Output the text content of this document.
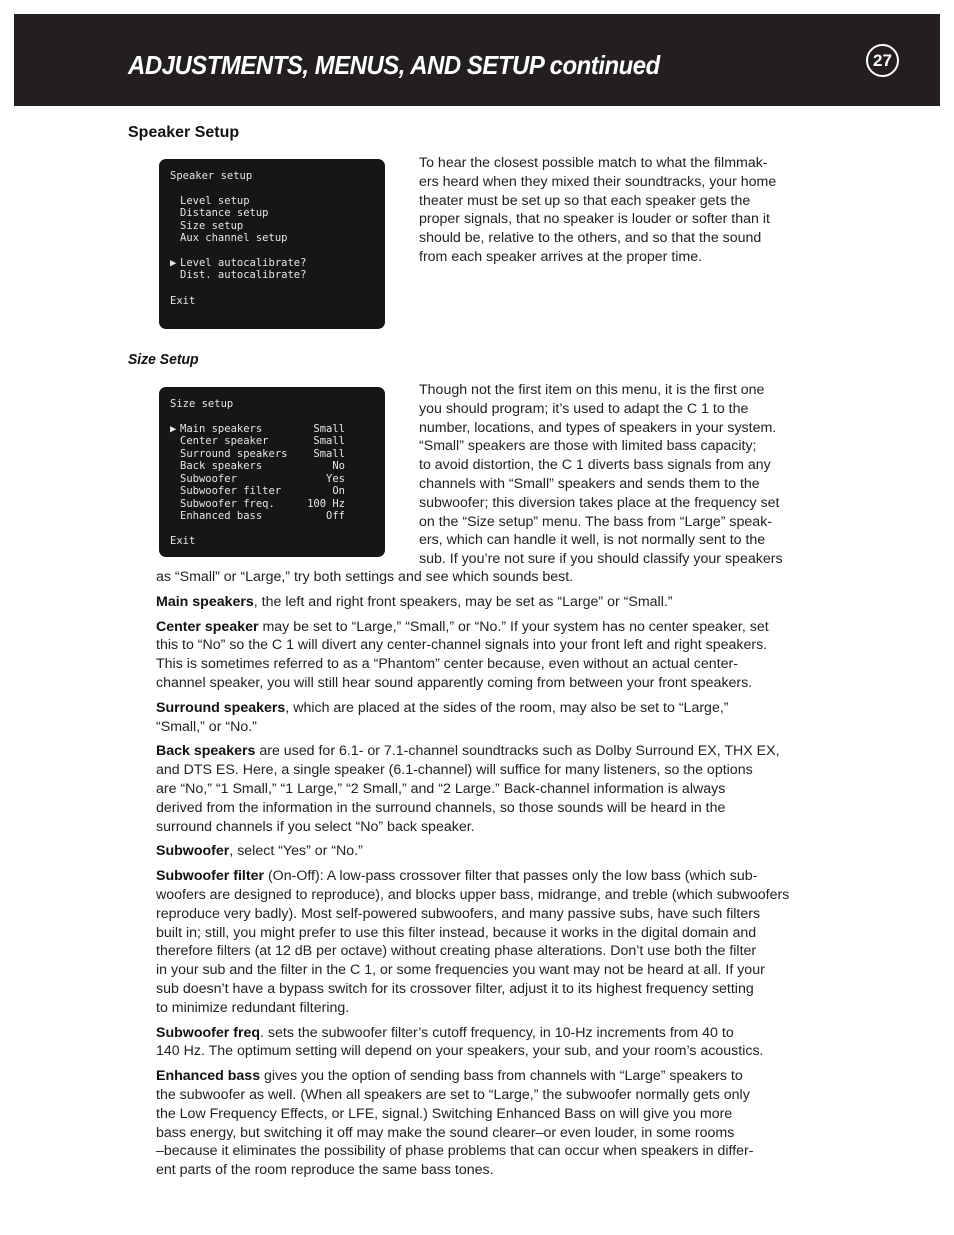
ADJUSTMENTS, MENUS, AND SETUP continued	27
Speaker Setup
Speaker setup
Level setup
Distance setup
Size setup
Aux channel setup
▶ Level autocalibrate?
Dist. autocalibrate?
Exit
To hear the closest possible match to what the filmmak-
ers heard when they mixed their soundtracks, your home
theater must be set up so that each speaker gets the
proper signals, that no speaker is louder or softer than it
should be, relative to the others, and so that the sound
from each speaker arrives at the proper time.
Size Setup
Size setup
▶ Main speakers	Small
Center speaker	Small
Surround speakers Small
Back speakers	No
Subwoofer	Yes
Subwoofer filter	On
Subwoofer freq.	100 Hz
Enhanced bass	Off
Exit
Though not the first item on this menu, it is the first one
you should program; it’s used to adapt the C 1 to the
number, locations, and types of speakers in your system.
“Small” speakers are those with limited bass capacity;
to avoid distortion, the C 1 diverts bass signals from any
channels with “Small” speakers and sends them to the
subwoofer; this diversion takes place at the frequency set
on the “Size setup” menu. The bass from “Large” speak-
ers, which can handle it well, is not normally sent to the
sub. If you’re not sure if you should classify your speakers

as “Small” or “Large,” try both settings and see which sounds best.

Main speakers, the left and right front speakers, may be set as “Large” or “Small.”

Center speaker may be set to “Large,” “Small,” or “No.” If your system has no center speaker, set
this to “No” so the C 1 will divert any center-channel signals into your front left and right speakers.
This is sometimes referred to as a “Phantom” center because, even without an actual center-
channel speaker, you will still hear sound apparently coming from between your front speakers.

Surround speakers, which are placed at the sides of the room, may also be set to “Large,”
“Small,” or “No.”

Back speakers are used for 6.1- or 7.1-channel soundtracks such as Dolby Surround EX, THX EX,
and DTS ES. Here, a single speaker (6.1-channel) will suffice for many listeners, so the options
are “No,” “1 Small,” “1 Large,” “2 Small,” and “2 Large.” Back-channel information is always
derived from the information in the surround channels, so those sounds will be heard in the
surround channels if you select “No” back speaker.

Subwoofer, select “Yes” or “No.”

Subwoofer filter (On-Off): A low-pass crossover filter that passes only the low bass (which sub-
woofers are designed to reproduce), and blocks upper bass, midrange, and treble (which subwoofers
reproduce very badly). Most self-powered subwoofers, and many passive subs, have such filters
built in; still, you might prefer to use this filter instead, because it works in the digital domain and
therefore filters (at 12 dB per octave) without creating phase alterations. Don’t use both the filter
in your sub and the filter in the C 1, or some frequencies you want may not be heard at all. If your
sub doesn’t have a bypass switch for its crossover filter, adjust it to its highest frequency setting
to minimize redundant filtering.

Subwoofer freq. sets the subwoofer filter’s cutoff frequency, in 10-Hz increments from 40 to
140 Hz. The optimum setting will depend on your speakers, your sub, and your room’s acoustics.

Enhanced bass gives you the option of sending bass from channels with “Large” speakers to
the subwoofer as well. (When all speakers are set to “Large,” the subwoofer normally gets only
the Low Frequency Effects, or LFE, signal.) Switching Enhanced Bass on will give you more
bass energy, but switching it off may make the sound clearer–or even louder, in some rooms
–because it eliminates the possibility of phase problems that can occur when speakers in differ-
ent parts of the room reproduce the same bass tones.
